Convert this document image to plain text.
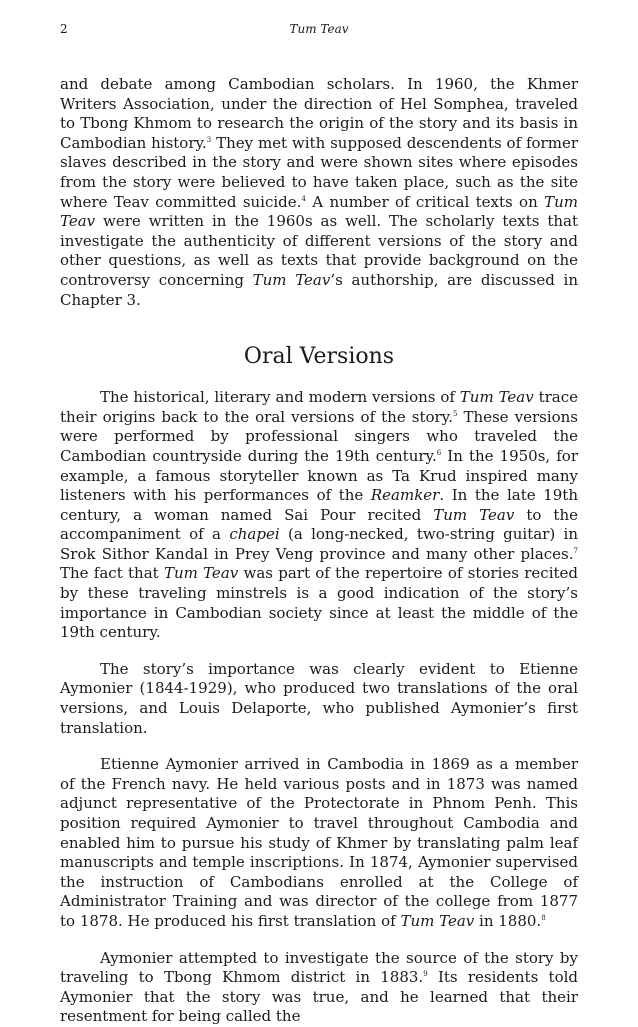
2	Tum Teav

and debate among Cambodian scholars. In 1960, the Khmer Writers Association, under the direction of Hel Somphea, traveled to Tbong Khmom to research the origin of the story and its basis in Cambodian history.$^3$ They met with supposed descendents of former slaves described in the story and were shown sites where episodes from the story were believed to have taken place, such as the site where Teav committed suicide.$^4$ A number of critical texts on Tum Teav were written in the 1960s as well. The scholarly texts that investigate the authenticity of different versions of the story and other questions, as well as texts that provide background on the controversy concerning Tum Teav’s authorship, are discussed in Chapter 3.

Oral Versions

The historical, literary and modern versions of Tum Teav trace their origins back to the oral versions of the story.$^5$ These versions were performed by professional singers who traveled the Cambodian countryside during the 19th century.$^6$ In the 1950s, for example, a famous storyteller known as Ta Krud inspired many listeners with his performances of the Reamker. In the late 19th century, a woman named Sai Pour recited Tum Teav to the accompaniment of a chapei (a long-necked, two-string guitar) in Srok Sithor Kandal in Prey Veng province and many other places.$^7$ The fact that Tum Teav was part of the repertoire of stories recited by these traveling minstrels is a good indication of the story’s importance in Cambodian society since at least the middle of the 19th century.

The story’s importance was clearly evident to Etienne Aymonier (1844-1929), who produced two translations of the oral versions, and Louis Delaporte, who published Aymonier’s first translation.

Etienne Aymonier arrived in Cambodia in 1869 as a member of the French navy. He held various posts and in 1873 was named adjunct representative of the Protectorate in Phnom Penh. This position required Aymonier to travel throughout Cambodia and enabled him to pursue his study of Khmer by translating palm leaf manuscripts and temple inscriptions. In 1874, Aymonier supervised the instruction of Cambodians enrolled at the College of Administrator Training and was director of the college from 1877 to 1878. He produced his first translation of Tum Teav in 1880.$^8$

Aymonier attempted to investigate the source of the story by traveling to Tbong Khmom district in 1883.$^9$ Its residents told Aymonier that the story was true, and he learned that their resentment for being called the
